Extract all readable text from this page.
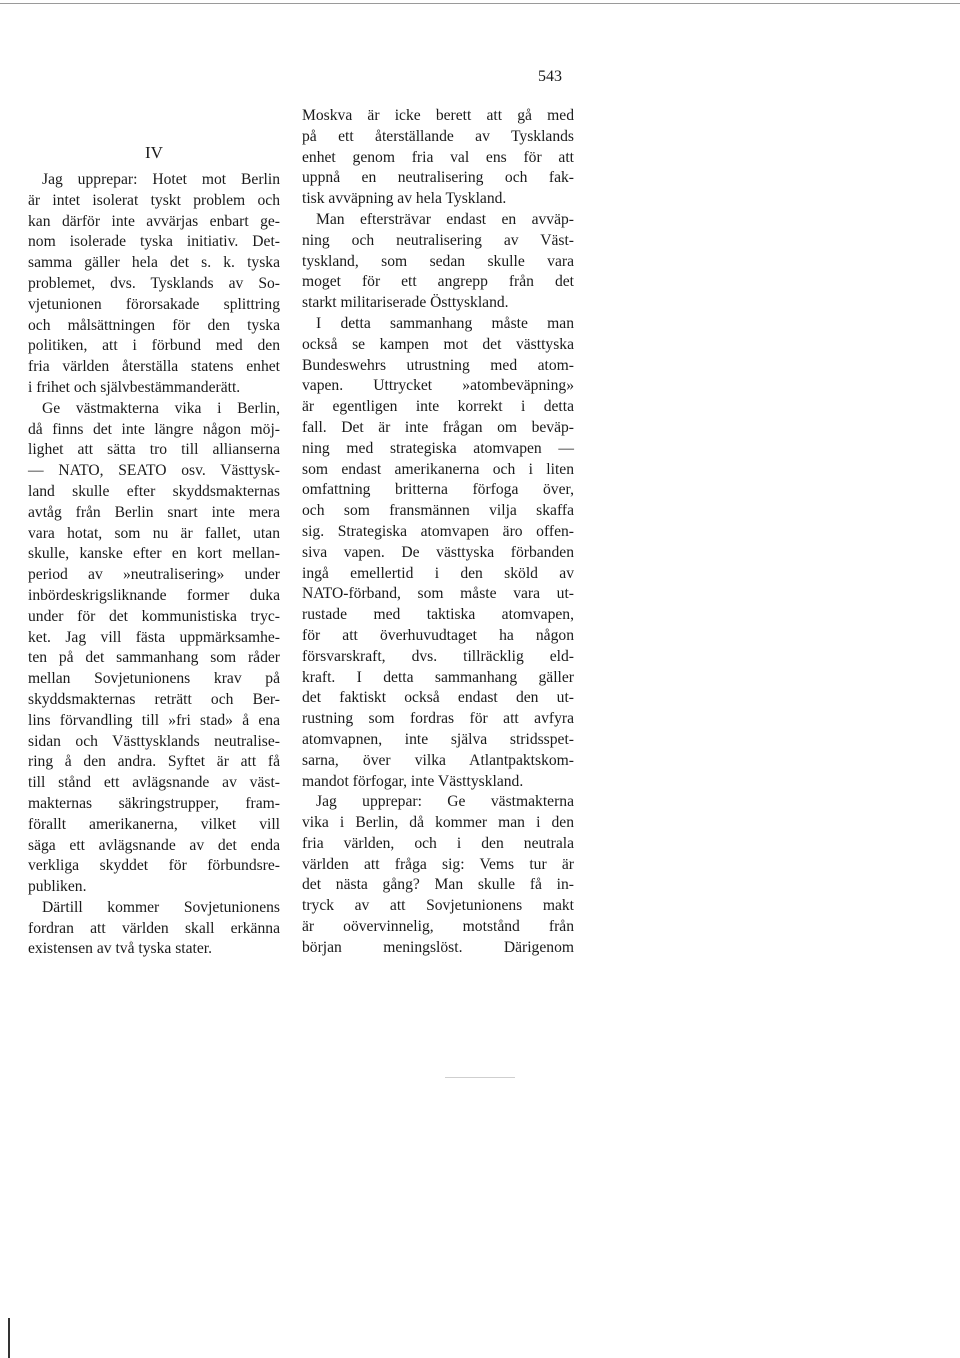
543
IV
Jag upprepar: Hotet mot Berlin
är intet isolerat tyskt problem och
kan därför inte avvärjas enbart ge-
nom isolerade tyska initiativ. Det-
samma gäller hela det s. k. tyska
problemet, dvs. Tysklands av So-
vjetunionen förorsakade splittring
och målsättningen för den tyska
politiken, att i förbund med den
fria världen återställa statens enhet
i frihet och självbestämmanderätt.
Ge västmakterna vika i Berlin,
då finns det inte längre någon möj-
lighet att sätta tro till allianserna
— NATO, SEATO osv. Västtysk-
land skulle efter skyddsmakternas
avtåg från Berlin snart inte mera
vara hotat, som nu är fallet, utan
skulle, kanske efter en kort mellan-
period av »neutralisering» under
inbördeskrigsliknande former duka
under för det kommunistiska tryc-
ket. Jag vill fästa uppmärksamhe-
ten på det sammanhang som råder
mellan Sovjetunionens krav på
skyddsmakternas reträtt och Ber-
lins förvandling till »fri stad» å ena
sidan och Västtysklands neutralise-
ring å den andra. Syftet är att få
till stånd ett avlägsnande av väst-
makternas säkringstrupper, fram-
förallt amerikanerna, vilket vill
säga ett avlägsnande av det enda
verkliga skyddet för förbundsre-
publiken.
Därtill kommer Sovjetunionens
fordran att världen skall erkänna
existensen av två tyska stater.
Moskva är icke berett att gå med
på ett återställande av Tysklands
enhet genom fria val ens för att
uppnå en neutralisering och fak-
tisk avväpning av hela Tyskland.
Man eftersträvar endast en avväp-
ning och neutralisering av Väst-
tyskland, som sedan skulle vara
moget för ett angrepp från det
starkt militariserade Östtyskland.
I detta sammanhang måste man
också se kampen mot det västtyska
Bundeswehrs utrustning med atom-
vapen. Uttrycket »atombeväpning»
är egentligen inte korrekt i detta
fall. Det är inte frågan om beväp-
ning med strategiska atomvapen —
som endast amerikanerna och i liten
omfattning britterna förfoga över,
och som fransmännen vilja skaffa
sig. Strategiska atomvapen äro offen-
siva vapen. De västtyska förbanden
ingå emellertid i den sköld av
NATO-förband, som måste vara ut-
rustade med taktiska atomvapen,
för att överhuvudtaget ha någon
försvarskraft, dvs. tillräcklig eld-
kraft. I detta sammanhang gäller
det faktiskt också endast den ut-
rustning som fordras för att avfyra
atomvapnen, inte själva stridsspet-
sarna, över vilka Atlantpaktskom-
mandot förfogar, inte Västtyskland.
Jag upprepar: Ge västmakterna
vika i Berlin, då kommer man i den
fria världen, och i den neutrala
världen att fråga sig: Vems tur är
det nästa gång? Man skulle få in-
tryck av att Sovjetunionens makt
är oövervinnelig, motstånd från
början meningslöst. Därigenom
